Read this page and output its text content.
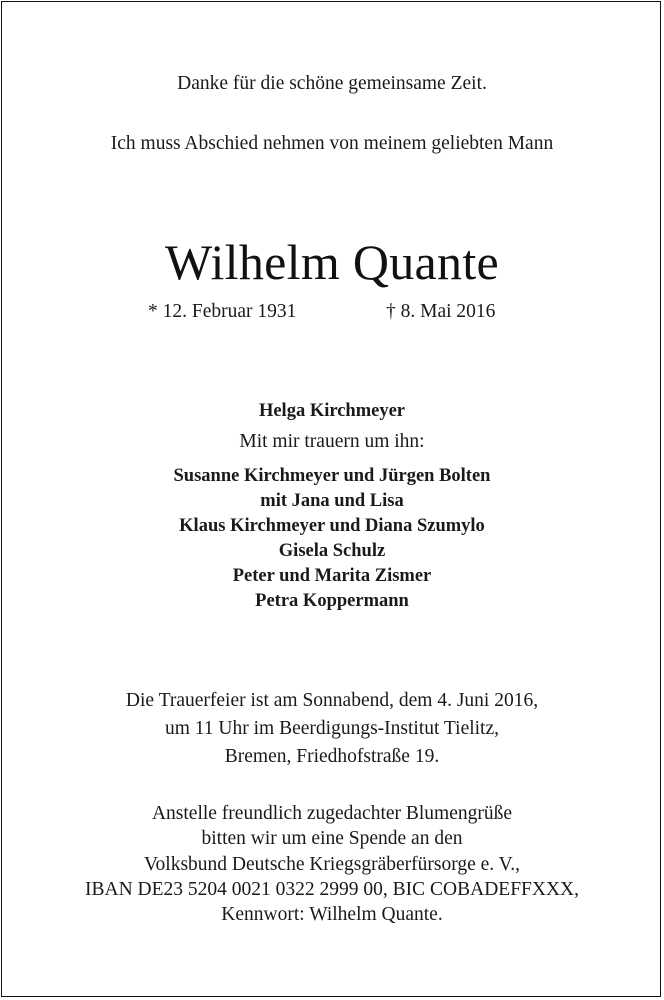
Danke für die schöne gemeinsame Zeit.
Ich muss Abschied nehmen von meinem geliebten Mann
Wilhelm Quante
* 12. Februar 1931	† 8. Mai 2016
Helga Kirchmeyer
Mit mir trauern um ihn:
Susanne Kirchmeyer und Jürgen Bolten
mit Jana und Lisa
Klaus Kirchmeyer und Diana Szumylo
Gisela Schulz
Peter und Marita Zismer
Petra Koppermann
Die Trauerfeier ist am Sonnabend, dem 4. Juni 2016,
um 11 Uhr im Beerdigungs-Institut Tielitz,
Bremen, Friedhofstraße 19.
Anstelle freundlich zugedachter Blumengrüße
bitten wir um eine Spende an den
Volksbund Deutsche Kriegsgräberfürsorge e. V.,
IBAN DE23 5204 0021 0322 2999 00, BIC COBADEFFXXX,
Kennwort: Wilhelm Quante.
